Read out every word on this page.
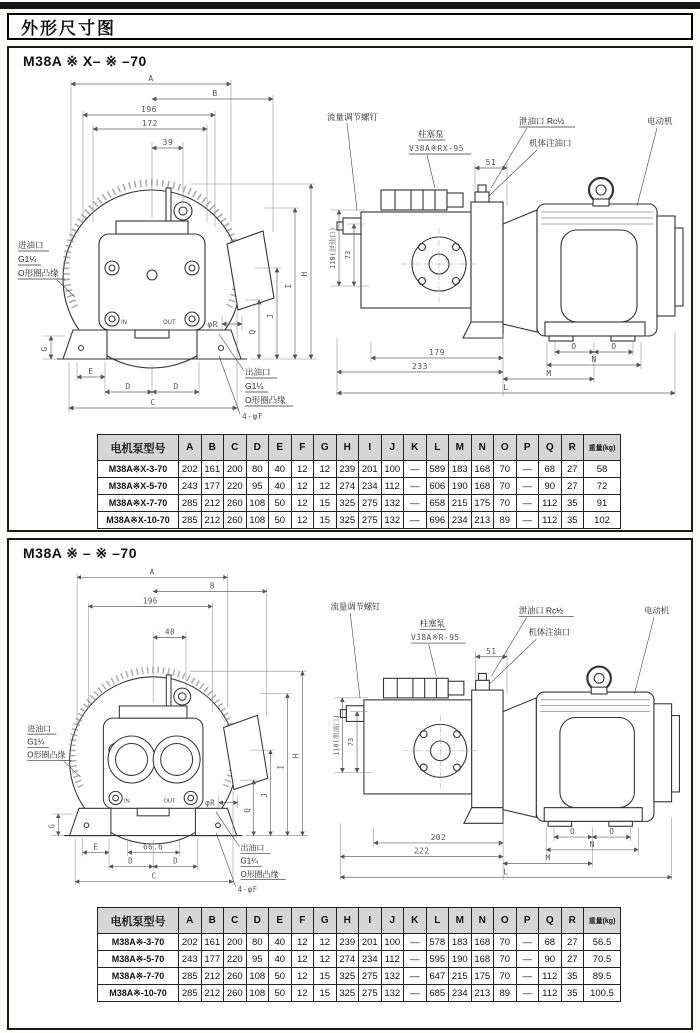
外形尺寸图
M38A ※ X– ※ –70
A
B
196
172
39
H
I
J
Q
φR
G
E
D	D
C
进油口
G1¼
O形圈凸缘
出油口
G1¼
O形圈凸缘
4-φF
IN	OUT
51
110(泄油口) 73
O	O
179
N
233
M
L
流量调节螺钉
柱塞泵
V38A※RX-95
泄油口 Rc½
机体注油口
电动机
电机泵型号	A	B	C	D	E	F	G	H	I	J	K	L	M	N	O	P	Q	R	重量(kg)
M38A※X-3-70	202	161	200	80	40	12	12	239	201	100	—	589	183	168	70	—	68	27	58
M38A※X-5-70	243	177	220	95	40	12	12	274	234	112	—	606	190	168	70	—	90	27	72
M38A※X-7-70	285	212	260	108	50	12	15	325	275	132	—	658	215	175	70	—	112	35	91
M38A※X-10-70	285	212	260	108	50	12	15	325	275	132	—	696	234	213	89	—	112	35	102
M38A ※ – ※ –70
A
B
196
48
H
I
J
Q
φR
G
E	66.6
D	D
C
进油口
G1¼
O形圈凸缘
出油口
G1¼
O形圈凸缘
4-φF
IN	OUT
51
110(泄油口) 73
O	O
202
N
222
M
L
流量调节螺钉
柱塞泵
V38A※R-95
泄油口 Rc½
机体注油口
电动机
电机泵型号	A	B	C	D	E	F	G	H	I	J	K	L	M	N	O	P	Q	R	重量(kg)
M38A※-3-70	202	161	200	80	40	12	12	239	201	100	—	578	183	168	70	—	68	27	56.5
M38A※-5-70	243	177	220	95	40	12	12	274	234	112	—	595	190	168	70	—	90	27	70.5
M38A※-7-70	285	212	260	108	50	12	15	325	275	132	—	647	215	175	70	—	112	35	89.5
M38A※-10-70	285	212	260	108	50	12	15	325	275	132	—	685	234	213	89	—	112	35	100.5
